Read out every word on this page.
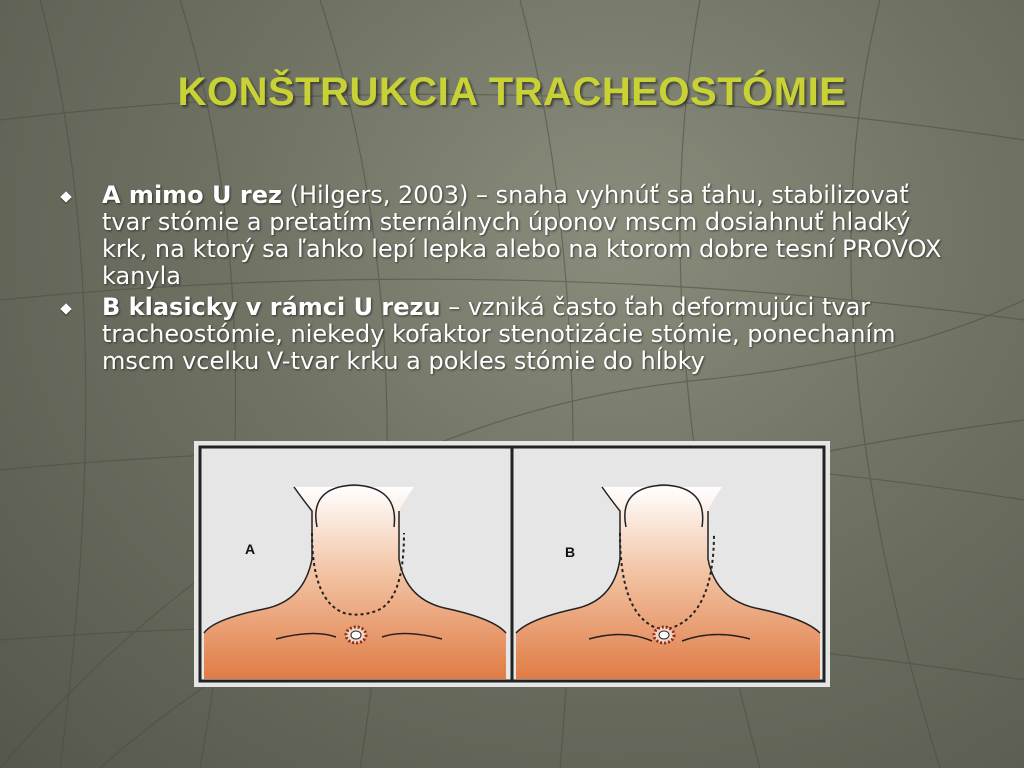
KONŠTRUKCIA TRACHEOSTÓMIE
A mimo U rez (Hilgers, 2003) – snaha vyhnúť sa ťahu, stabilizovať tvar stómie a pretatím sternálnych úponov mscm dosiahnuť hladký krk, na ktorý sa ľahko lepí lepka alebo na ktorom dobre tesní PROVOX kanyla
B klasicky v rámci U rezu – vzniká často ťah deformujúci tvar tracheostómie, niekedy kofaktor stenotizácie stómie, ponechaním mscm vcelku V-tvar krku a pokles stómie do hĺbky
A	B
